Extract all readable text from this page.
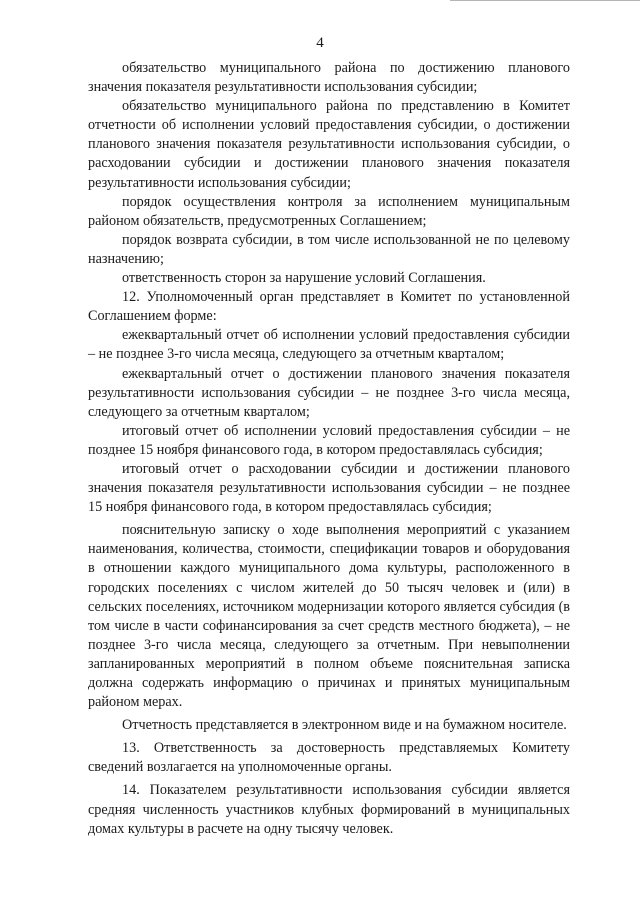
4

обязательство муниципального района по достижению планового значения показателя результативности использования субсидии;

обязательство муниципального района по представлению в Комитет отчетности об исполнении условий предоставления субсидии, о достижении планового значения показателя результативности использования субсидии, о расходовании субсидии и достижении планового значения показателя результативности использования субсидии;

порядок осуществления контроля за исполнением муниципальным районом обязательств, предусмотренных Соглашением;

порядок возврата субсидии, в том числе использованной не по целевому назначению;

ответственность сторон за нарушение условий Соглашения.

12. Уполномоченный орган представляет в Комитет по установленной Соглашением форме:

ежеквартальный отчет об исполнении условий предоставления субсидии – не позднее 3-го числа месяца, следующего за отчетным кварталом;

ежеквартальный отчет о достижении планового значения показателя результативности использования субсидии – не позднее 3-го числа месяца, следующего за отчетным кварталом;

итоговый отчет об исполнении условий предоставления субсидии – не позднее 15 ноября финансового года, в котором предоставлялась субсидия;

итоговый отчет о расходовании субсидии и достижении планового значения показателя результативности использования субсидии – не позднее 15 ноября финансового года, в котором предоставлялась субсидия;

пояснительную записку о ходе выполнения мероприятий с указанием наименования, количества, стоимости, спецификации товаров и оборудования в отношении каждого муниципального дома культуры, расположенного в городских поселениях с числом жителей до 50 тысяч человек и (или) в сельских поселениях, источником модернизации которого является субсидия (в том числе в части софинансирования за счет средств местного бюджета), – не позднее 3-го числа месяца, следующего за отчетным. При невыполнении запланированных мероприятий в полном объеме пояснительная записка должна содержать информацию о причинах и принятых муниципальным районом мерах.

Отчетность представляется в электронном виде и на бумажном носителе.

13. Ответственность за достоверность представляемых Комитету сведений возлагается на уполномоченные органы.

14. Показателем результативности использования субсидии является средняя численность участников клубных формирований в муниципальных домах культуры в расчете на одну тысячу человек.
